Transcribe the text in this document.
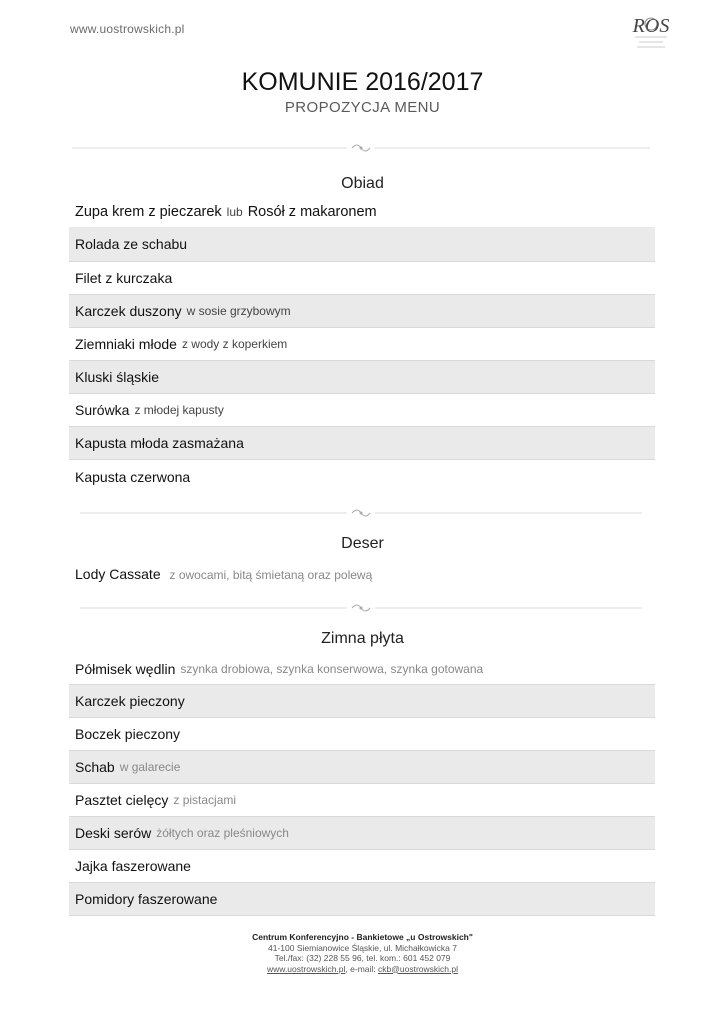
www.uostrowskich.pl	ROS
KOMUNIE 2016/2017
PROPOZYCJA MENU
Obiad
Zupa krem z pieczarek lub Rosół z makaronem
Rolada ze schabu
Filet z kurczaka
Karczek duszony w sosie grzybowym
Ziemniaki młode z wody z koperkiem
Kluski śląskie
Surówka z młodej kapusty
Kapusta młoda zasmażana
Kapusta czerwona
Deser
Lody Cassate z owocami, bitą śmietaną oraz polewą
Zimna płyta
Półmisek wędlin szynka drobiowa, szynka konserwowa, szynka gotowana
Karczek pieczony
Boczek pieczony
Schab w galarecie
Pasztet cielęcy z pistacjami
Deski serów żółtych oraz pleśniowych
Jajka faszerowane
Pomidory faszerowane
Centrum Konferencyjno - Bankietowe „u Ostrowskich"
41-100 Siemianowice Śląskie, ul. Michałkowicka 7
Tel./fax: (32) 228 55 96, tel. kom.: 601 452 079
www.uostrowskich.pl, e-mail: ckb@uostrowskich.pl
